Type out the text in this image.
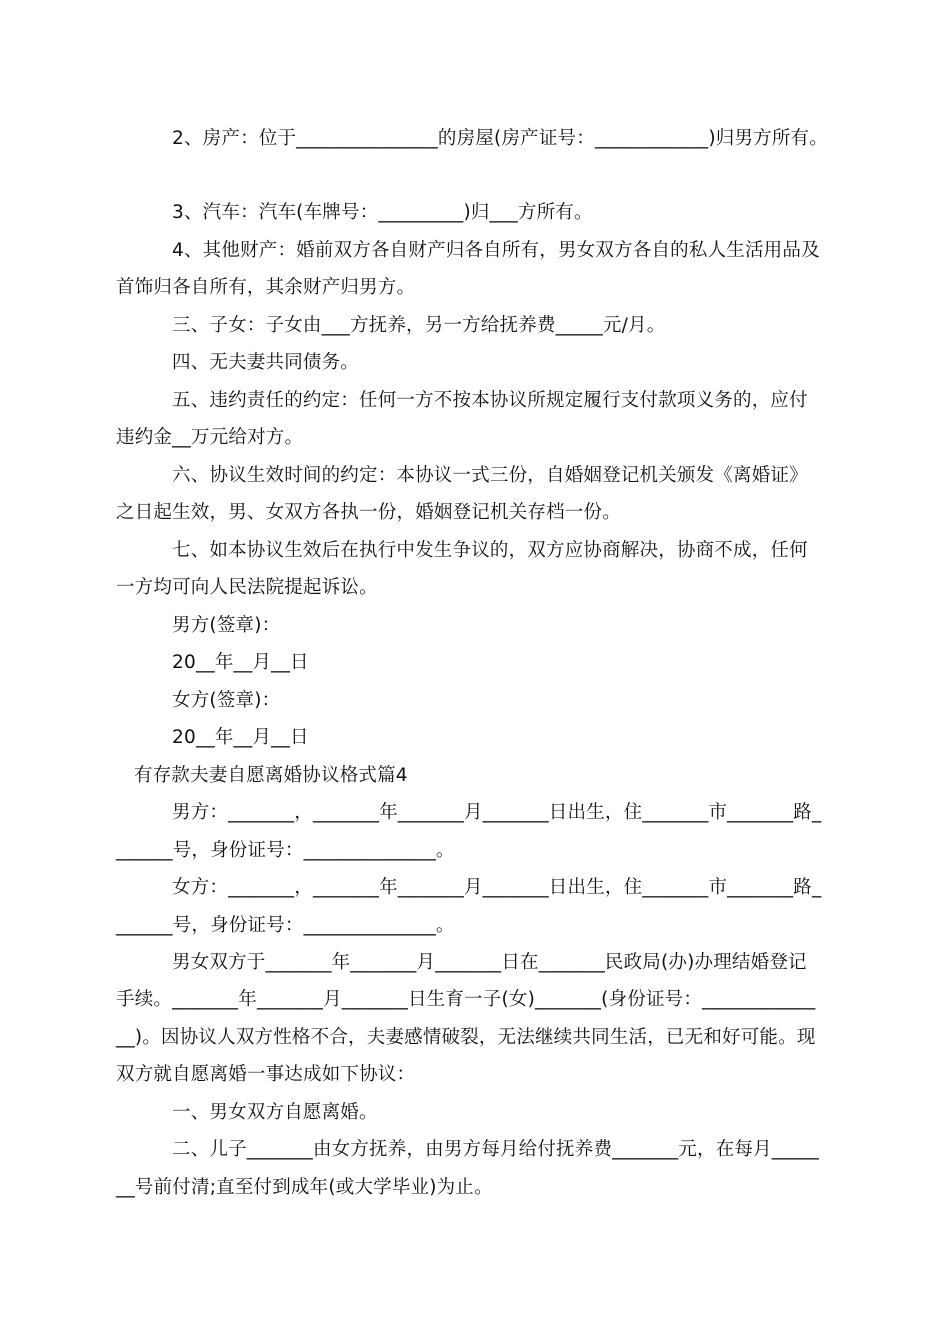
2、房产：位于_______________的房屋(房产证号：____________)归男方所有。
3、汽车：汽车(车牌号：_________)归___方所有。
4、其他财产：婚前双方各自财产归各自所有，男女双方各自的私人生活用品及
首饰归各自所有，其余财产归男方。
三、子女：子女由___方抚养，另一方给抚养费_____元/月。
四、无夫妻共同债务。
五、违约责任的约定：任何一方不按本协议所规定履行支付款项义务的，应付
违约金__万元给对方。
六、协议生效时间的约定：本协议一式三份，自婚姻登记机关颁发《离婚证》
之日起生效，男、女双方各执一份，婚姻登记机关存档一份。
七、如本协议生效后在执行中发生争议的，双方应协商解决，协商不成，任何
一方均可向人民法院提起诉讼。
男方(签章)：
20__年__月__日
女方(签章)：
20__年__月__日
有存款夫妻自愿离婚协议格式篇4
男方：_______，_______年_______月_______日出生，住_______市_______路_
______号，身份证号：______________。
女方：_______，_______年_______月_______日出生，住_______市_______路_
______号，身份证号：______________。
男女双方于_______年_______月_______日在_______民政局(办)办理结婚登记
手续。_______年_______月_______日生育一子(女)_______(身份证号：____________
__)。因协议人双方性格不合，夫妻感情破裂，无法继续共同生活，已无和好可能。现
双方就自愿离婚一事达成如下协议：
一、男女双方自愿离婚。
二、儿子_______由女方抚养，由男方每月给付抚养费_______元，在每月_____
__号前付清;直至付到成年(或大学毕业)为止。
